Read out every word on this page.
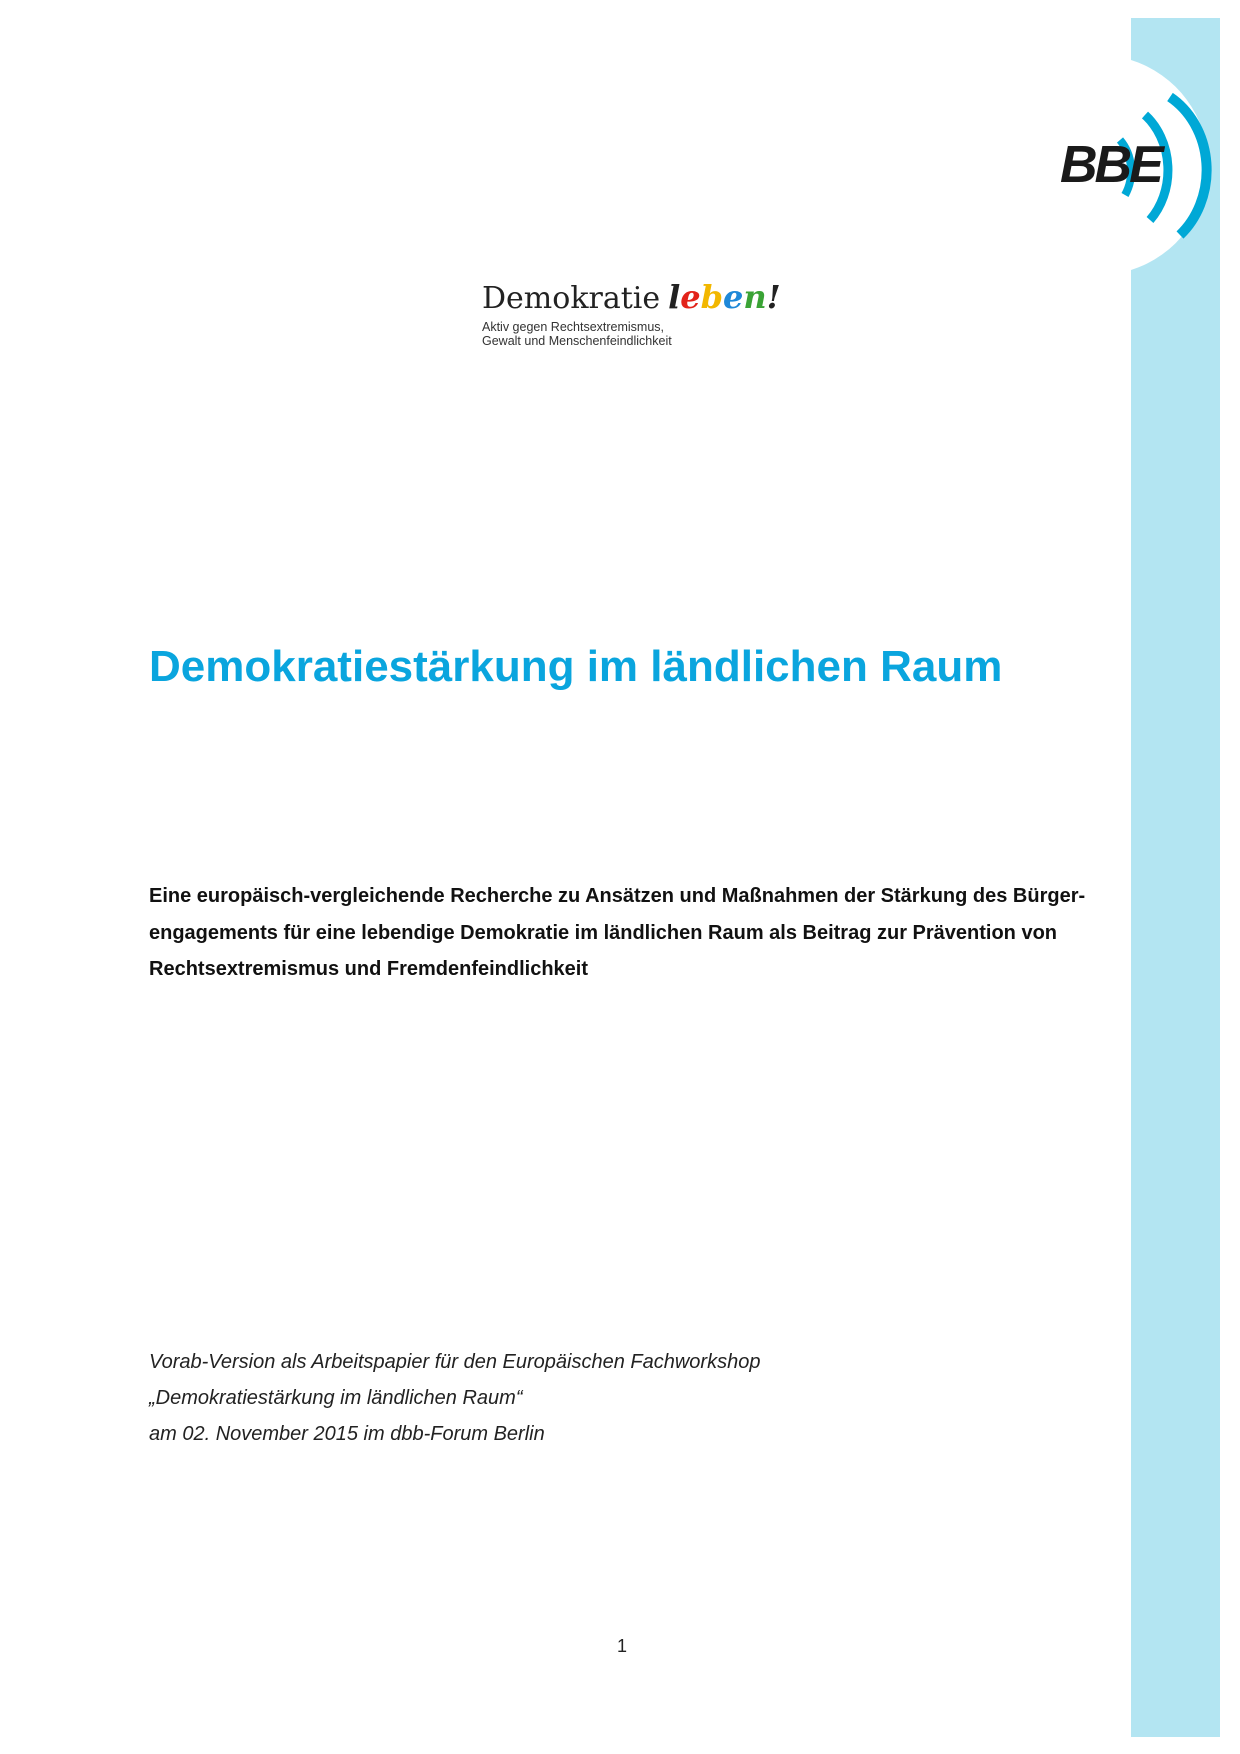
BBE
Demokratie leben!
Aktiv gegen Rechtsextremismus,
Gewalt und Menschenfeindlichkeit
Demokratiestärkung im ländlichen Raum
Eine europäisch-vergleichende Recherche zu Ansätzen und Maßnahmen der Stärkung des Bürger-
engagements für eine lebendige Demokratie im ländlichen Raum als Beitrag zur Prävention von
Rechtsextremismus und Fremdenfeindlichkeit
Vorab-Version als Arbeitspapier für den Europäischen Fachworkshop
„Demokratiestärkung im ländlichen Raum“
am 02. November 2015 im dbb-Forum Berlin
1
